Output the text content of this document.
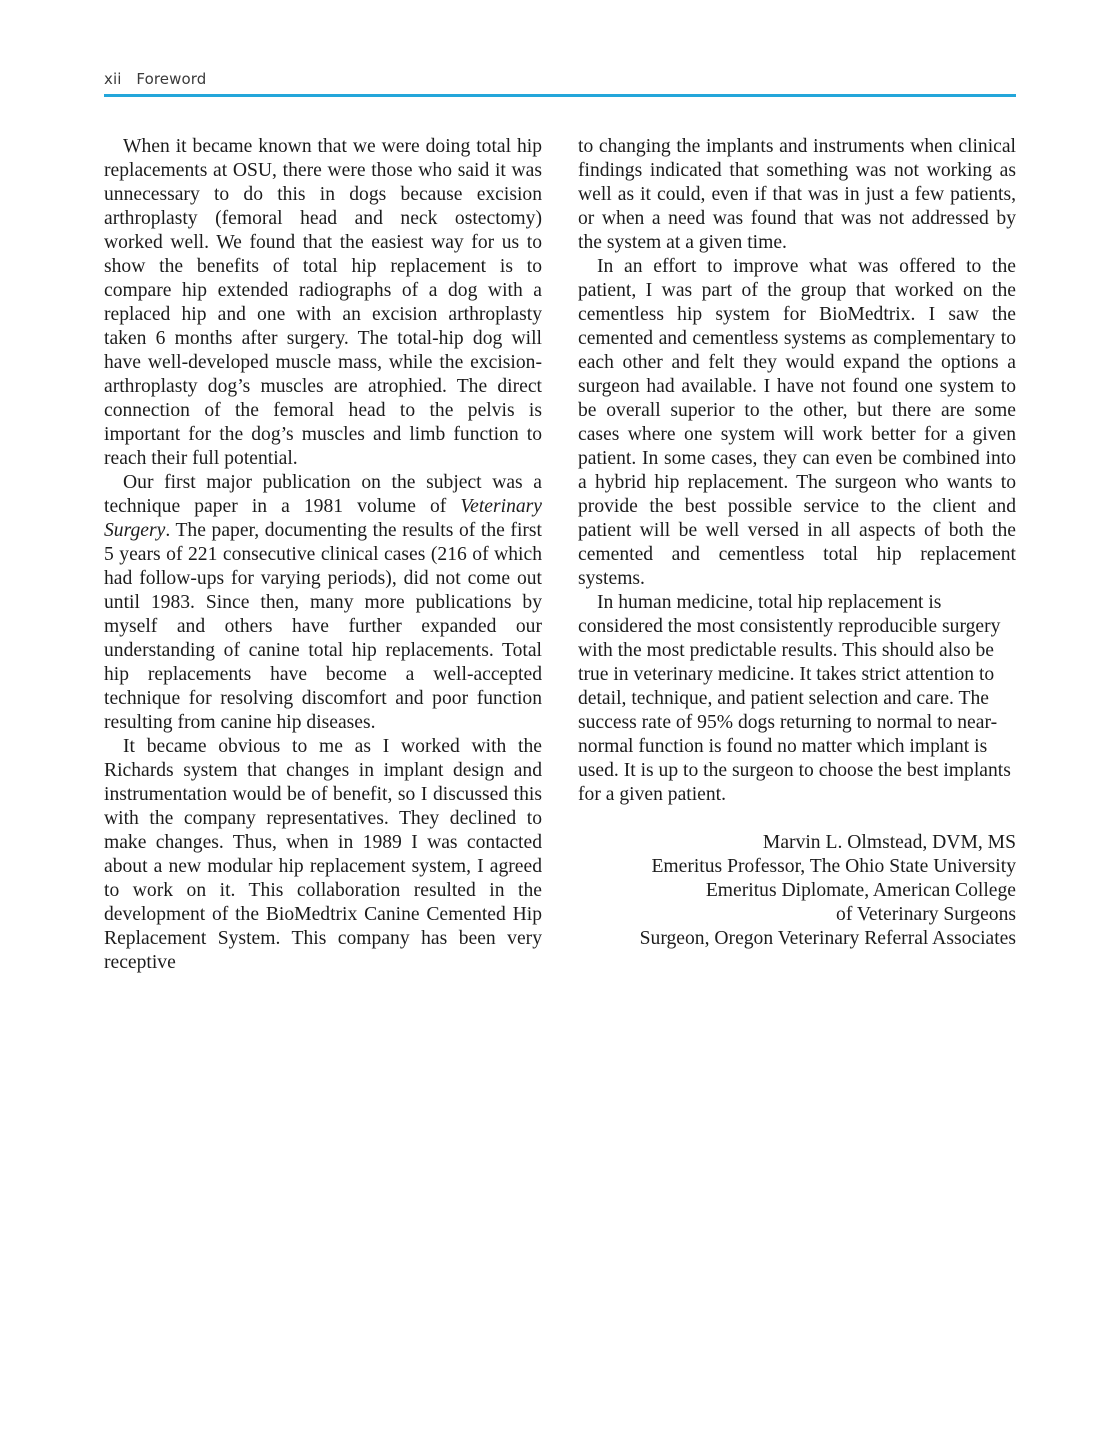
xii Foreword

When it became known that we were doing total hip replacements at OSU, there were those who said it was unnecessary to do this in dogs because excision arthroplasty (femoral head and neck ostectomy) worked well. We found that the easiest way for us to show the benefits of total hip replacement is to compare hip extended radiographs of a dog with a replaced hip and one with an excision arthroplasty taken 6 months after surgery. The total-hip dog will have well-developed muscle mass, while the excision-arthroplasty dog’s muscles are atrophied. The direct connection of the femoral head to the pelvis is important for the dog’s muscles and limb function to reach their full potential.

Our first major publication on the subject was a technique paper in a 1981 volume of Veterinary Surgery. The paper, documenting the results of the first 5 years of 221 consecutive clinical cases (216 of which had follow-ups for varying periods), did not come out until 1983. Since then, many more publications by myself and others have further expanded our understanding of canine total hip replacements. Total hip replacements have become a well-accepted technique for resolving discomfort and poor function resulting from canine hip diseases.

It became obvious to me as I worked with the Richards system that changes in implant design and instrumentation would be of benefit, so I discussed this with the company representatives. They declined to make changes. Thus, when in 1989 I was contacted about a new modular hip replacement system, I agreed to work on it. This collaboration resulted in the development of the BioMedtrix Canine Cemented Hip Replacement System. This company has been very receptive

to changing the implants and instruments when clinical findings indicated that something was not working as well as it could, even if that was in just a few patients, or when a need was found that was not addressed by the system at a given time.

In an effort to improve what was offered to the patient, I was part of the group that worked on the cementless hip system for BioMedtrix. I saw the cemented and cementless systems as complementary to each other and felt they would expand the options a surgeon had available. I have not found one system to be overall superior to the other, but there are some cases where one system will work better for a given patient. In some cases, they can even be combined into a hybrid hip replacement. The surgeon who wants to provide the best possible service to the client and patient will be well versed in all aspects of both the cemented and cementless total hip replacement systems.

In human medicine, total hip replacement is considered the most consistently reproducible surgery with the most predictable results. This should also be true in veterinary medicine. It takes strict attention to detail, technique, and patient selection and care. The success rate of 95% dogs returning to normal to near-normal function is found no matter which implant is used. It is up to the surgeon to choose the best implants for a given patient.

Marvin L. Olmstead, DVM, MS
Emeritus Professor, The Ohio State University
Emeritus Diplomate, American College
of Veterinary Surgeons
Surgeon, Oregon Veterinary Referral Associates
